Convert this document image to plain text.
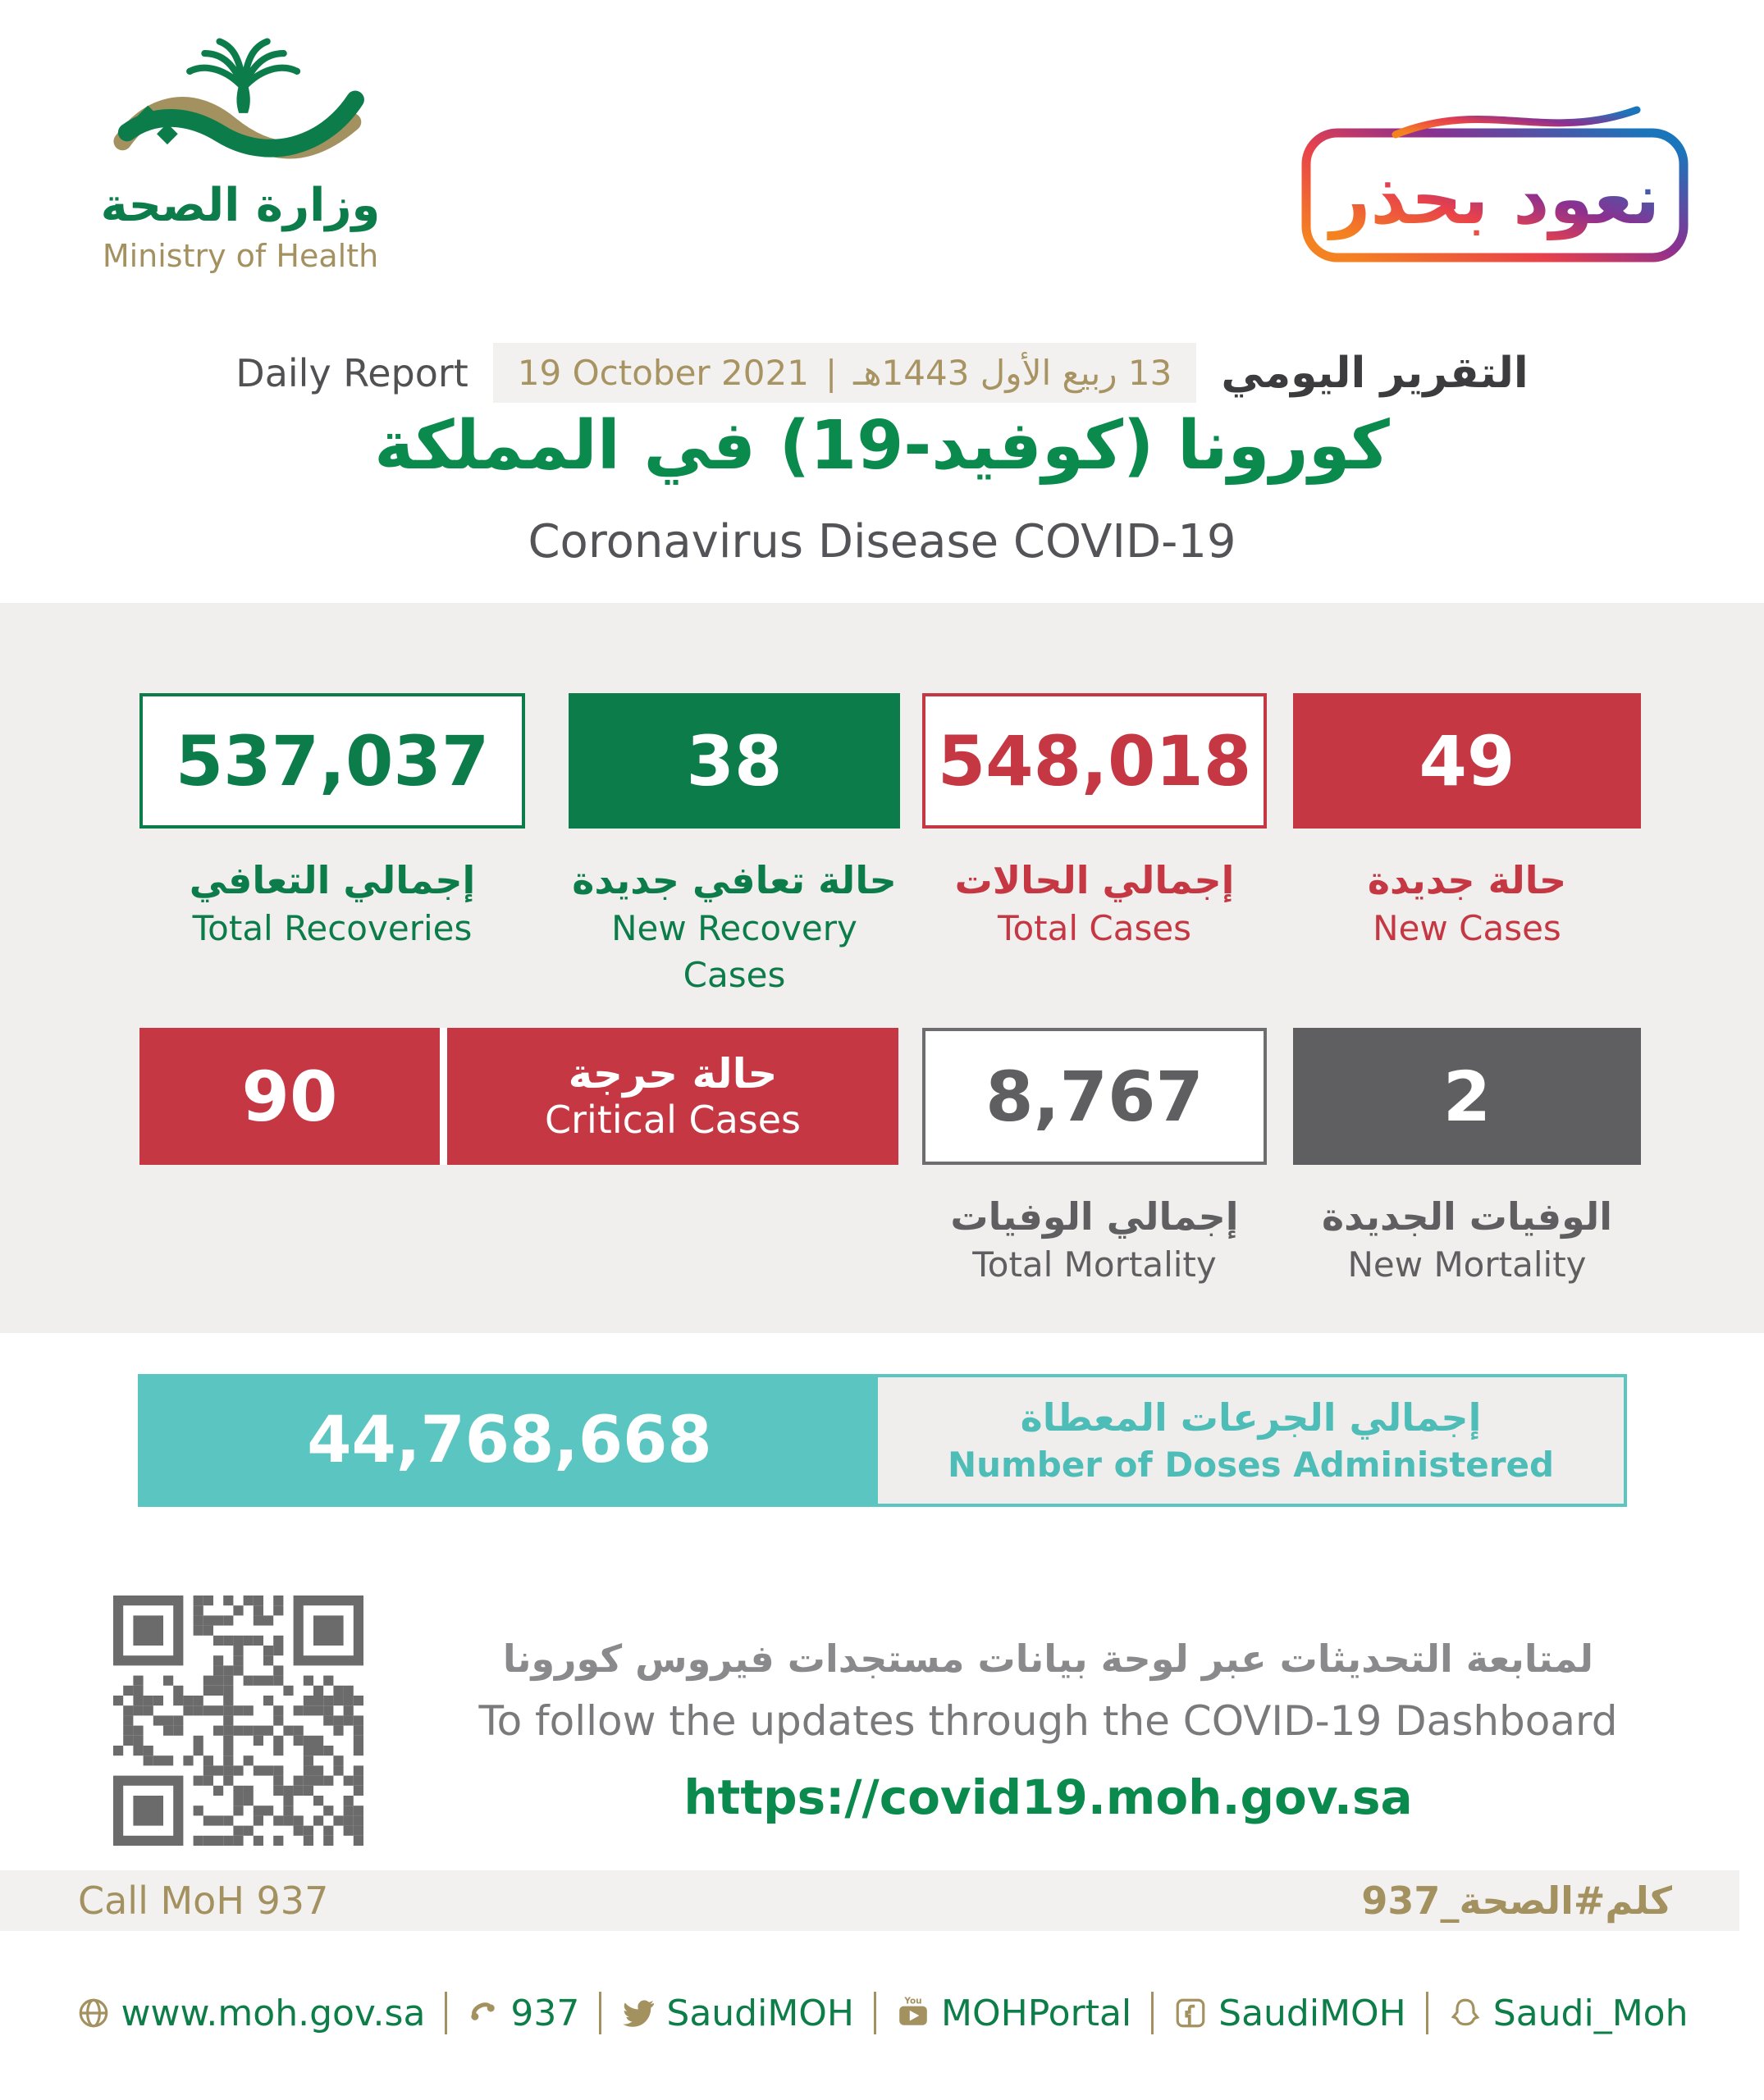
وزارة الصحة
Ministry of Health
نعود بحذر
Daily Report 19 October 2021 | 13 ربيع الأول 1443هـ التقرير اليومي
كورونا (كوفيد-19) في المملكة
Coronavirus Disease COVID-19
537,037	38	548,018	49
إجمالي التعافي
Total Recoveries
حالة تعافي جديدة
New Recovery Cases
إجمالي الحالات
Total Cases
حالة جديدة
New Cases
90	حالة حرجة
Critical Cases	8,767	2
إجمالي الوفيات
Total Mortality
الوفيات الجديدة
New Mortality
44,768,668	إجمالي الجرعات المعطاة
Number of Doses Administered
لمتابعة التحديثات عبر لوحة بيانات مستجدات فيروس كورونا
To follow the updates through the COVID-19 Dashboard
https://covid19.moh.gov.sa
Call MoH 937	كلم#الصحة_937
www.moh.gov.sa 937 SaudiMOH	You MOHPortal SaudiMOH Saudi_Moh
